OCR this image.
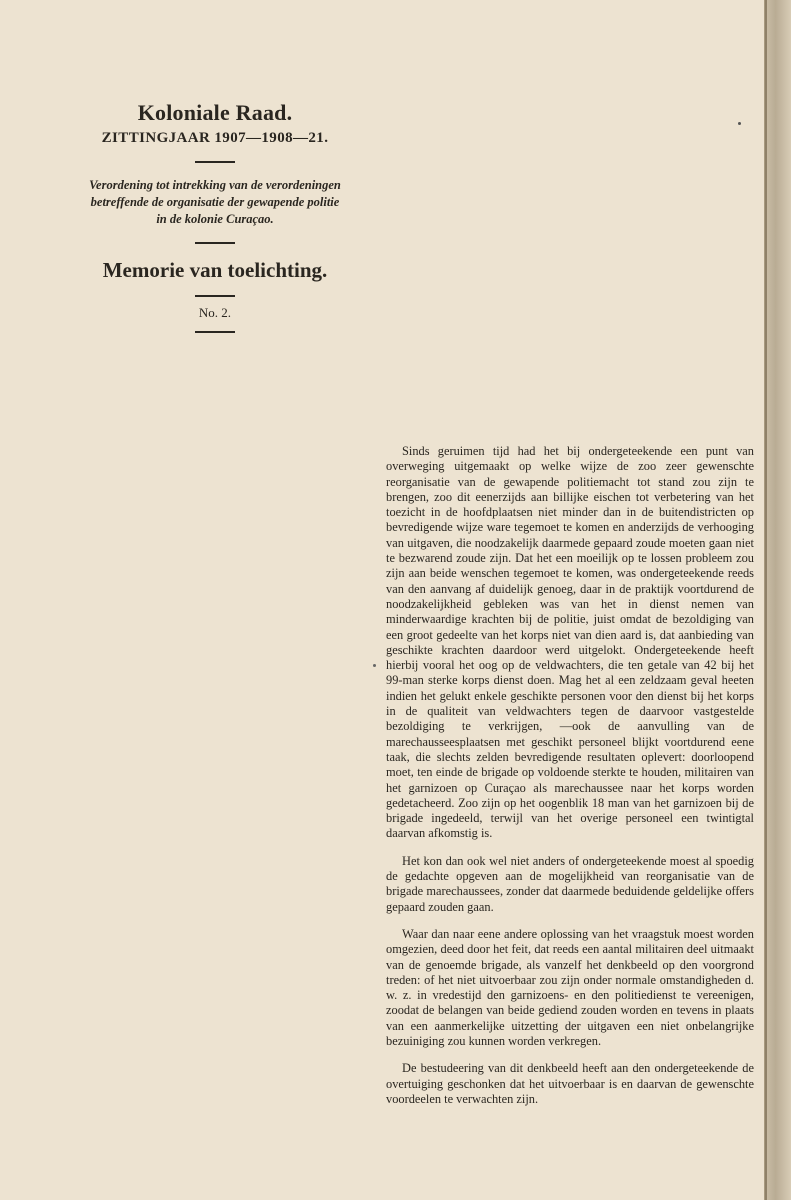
Koloniale Raad.
ZITTINGJAAR 1907—1908—21.
Verordening tot intrekking van de verordeningen betreffende de organisatie der gewapende politie in de kolonie Curaçao.
Memorie van toelichting.
No. 2.

Sinds geruimen tijd had het bij ondergeteekende een punt van overweging uitgemaakt op welke wijze de zoo zeer gewenschte reorganisatie van de gewapende politiemacht tot stand zou zijn te brengen, zoo dit eenerzijds aan billijke eischen tot verbetering van het toezicht in de hoofdplaatsen niet minder dan in de buitendistricten op bevredigende wijze ware tegemoet te komen en anderzijds de verhooging van uitgaven, die noodzakelijk daarmede gepaard zoude moeten gaan niet te bezwarend zoude zijn. Dat het een moeilijk op te lossen probleem zou zijn aan beide wenschen tegemoet te komen, was ondergeteekende reeds van den aanvang af duidelijk genoeg, daar in de praktijk voortdurend de noodzakelijkheid gebleken was van het in dienst nemen van minderwaardige krachten bij de politie, juist omdat de bezoldiging van een groot gedeelte van het korps niet van dien aard is, dat aanbieding van geschikte krachten daardoor werd uitgelokt. Ondergeteekende heeft hierbij vooral het oog op de veldwachters, die ten getale van 42 bij het 99-man sterke korps dienst doen. Mag het al een zeldzaam geval heeten indien het gelukt enkele geschikte personen voor den dienst bij het korps in de qualiteit van veldwachters tegen de daarvoor vastgestelde bezoldiging te verkrijgen, —ook de aanvulling van de marechausseesplaatsen met geschikt personeel blijkt voortdurend eene taak, die slechts zelden bevredigende resultaten oplevert: doorloopend moet, ten einde de brigade op voldoende sterkte te houden, militairen van het garnizoen op Curaçao als marechaussee naar het korps worden gedetacheerd. Zoo zijn op het oogenblik 18 man van het garnizoen bij de brigade ingedeeld, terwijl van het overige personeel een twintigtal daarvan afkomstig is.

Het kon dan ook wel niet anders of ondergeteekende moest al spoedig de gedachte opgeven aan de mogelijkheid van reorganisatie van de brigade marechaussees, zonder dat daarmede beduidende geldelijke offers gepaard zouden gaan.

Waar dan naar eene andere oplossing van het vraagstuk moest worden omgezien, deed door het feit, dat reeds een aantal militairen deel uitmaakt van de genoemde brigade, als vanzelf het denkbeeld op den voorgrond treden: of het niet uitvoerbaar zou zijn onder normale omstandigheden d. w. z. in vredestijd den garnizoens- en den politiedienst te vereenigen, zoodat de belangen van beide gediend zouden worden en tevens in plaats van een aanmerkelijke uitzetting der uitgaven een niet onbelangrijke bezuiniging zou kunnen worden verkregen.

De bestudeering van dit denkbeeld heeft aan den ondergeteekende de overtuiging geschonken dat het uitvoerbaar is en daarvan de gewenschte voordeelen te verwachten zijn.
